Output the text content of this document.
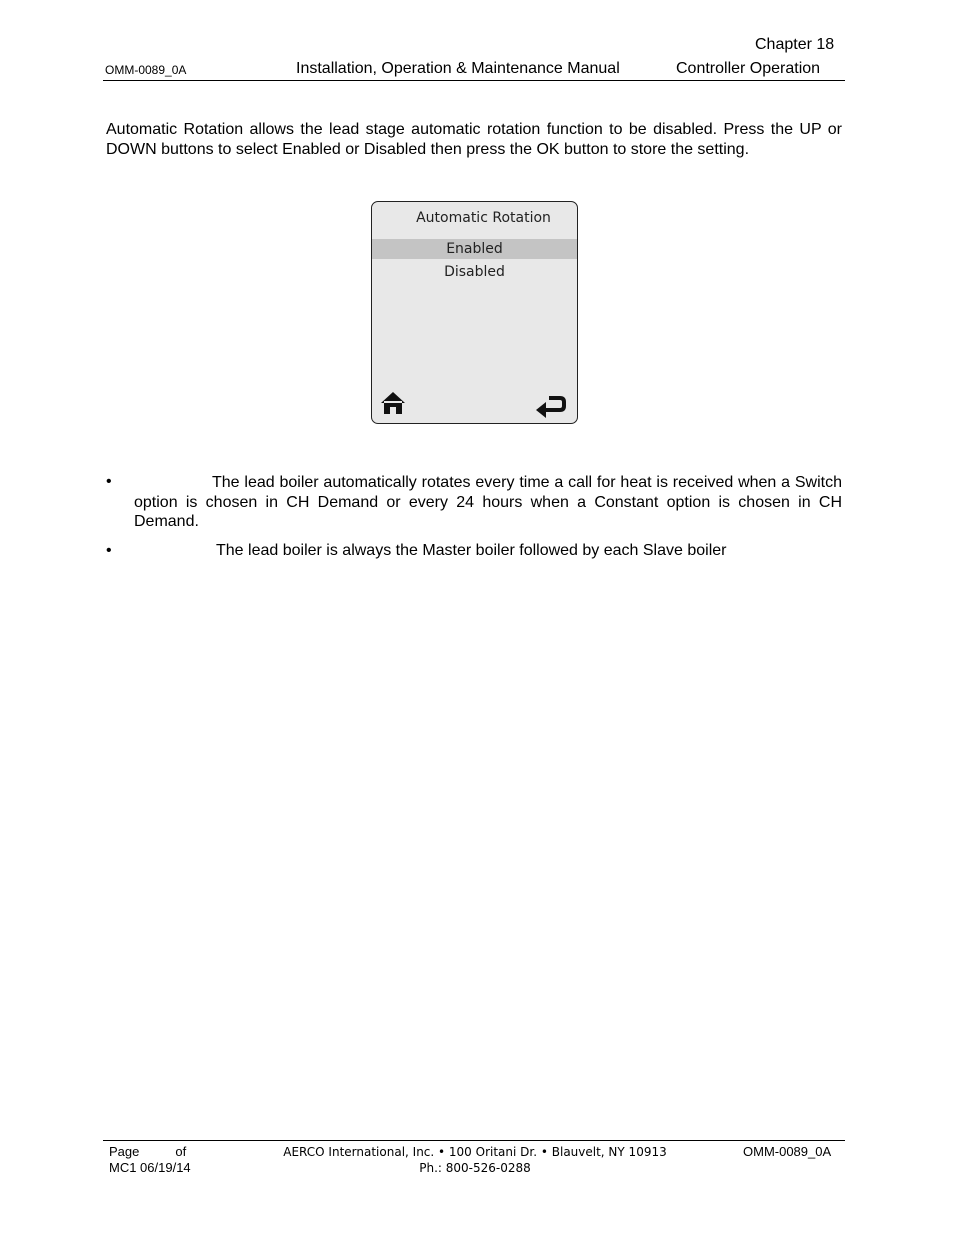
Chapter 18
OMM-0089_0A	Installation, Operation & Maintenance Manual	Controller Operation

Automatic Rotation allows the lead stage automatic rotation function to be disabled. Press the UP or DOWN buttons to select Enabled or Disabled then press the OK button to store the setting.

Automatic Rotation
Enabled
Disabled
•	The lead boiler automatically rotates every time a call for heat is received when a Switch option is chosen in CH Demand or every 24 hours when a Constant option is chosen in CH Demand.

•	The lead boiler is always the Master boiler followed by each Slave boiler

Page	of
MC1 06/19/14
AERCO International, Inc. • 100 Oritani Dr. • Blauvelt, NY 10913
Ph.: 800-526-0288
OMM-0089_0A
